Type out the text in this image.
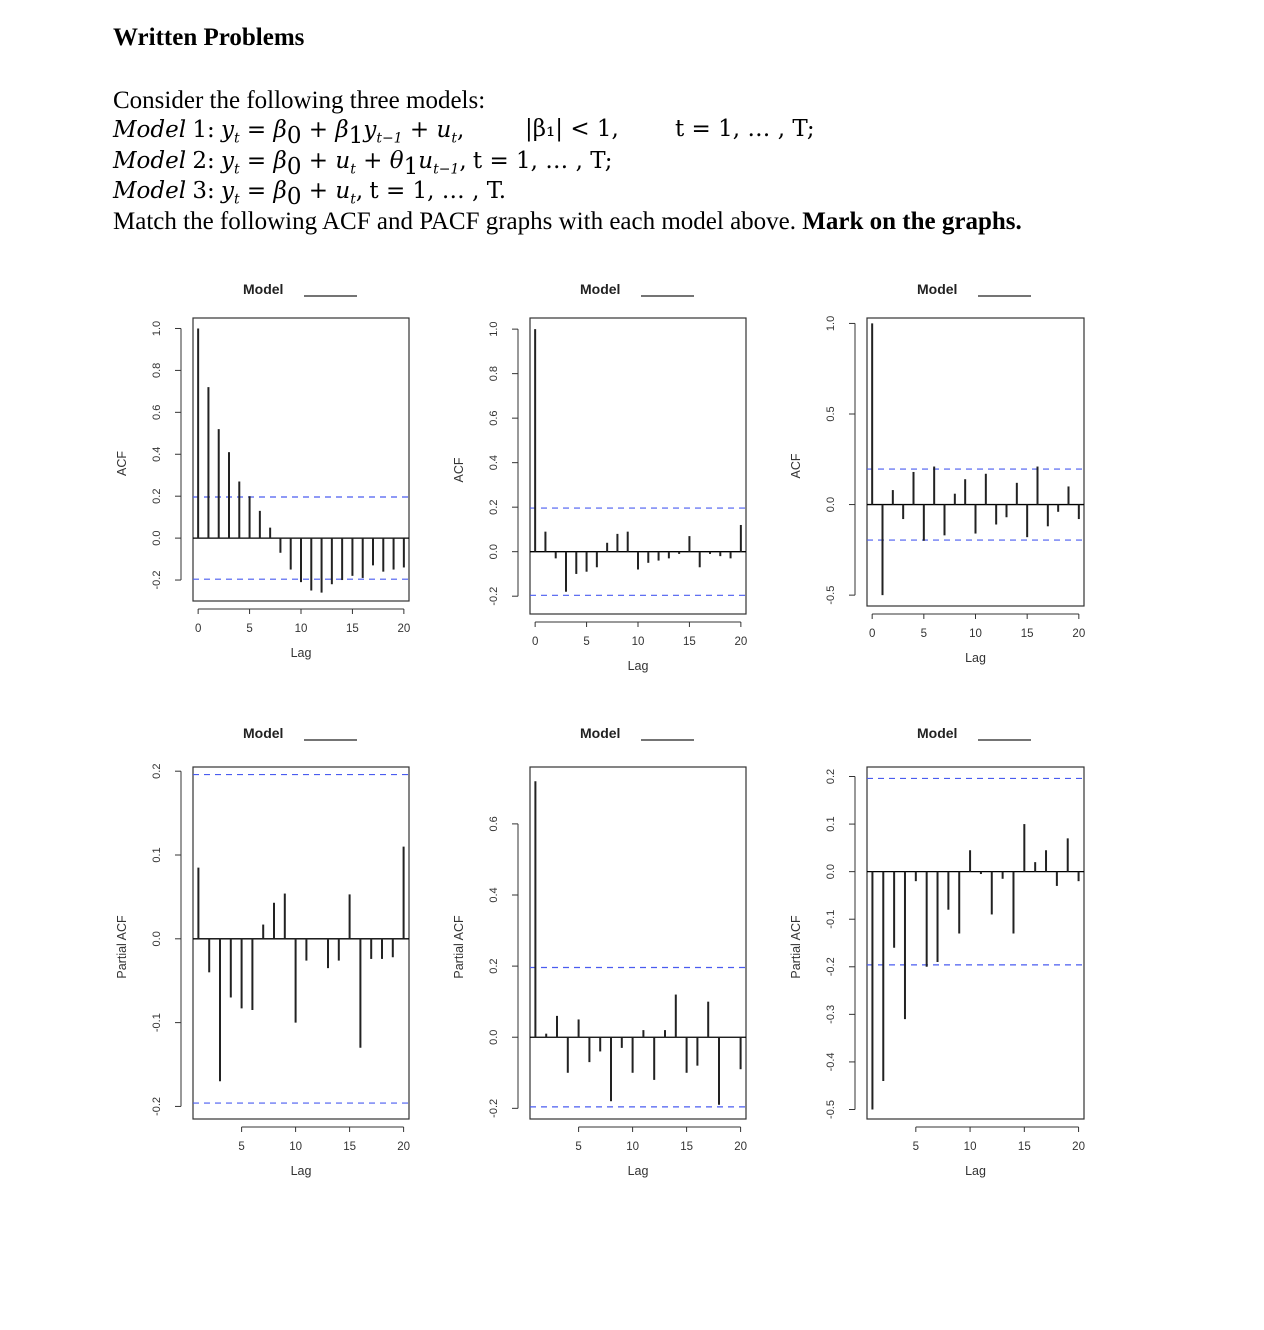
Written Problems
Consider the following three models:
Model 1: $y_t = \beta_0 + \beta_1y_{t-1} + u_t$,	|β₁| < 1, t = 1, … , T;
Model 2: $y_t = \beta_0 + u_t + \theta_1u_{t-1}$, t = 1, … , T;
Model 3: $y_t = \beta_0 + u_t$, t = 1, … , T.
Match the following ACF and PACF graphs with each model above. Mark on the graphs.
Model
-0.2
0.0
0.2
0.4
0.6
0.8
1.0
0	5	10	15	20
Lag
ACF
Model
-0.2
0.0
0.2
0.4
0.6
0.8
1.0
0	5	10	15	20
Lag
ACF
Model
-0.5
0.0
0.5
1.0
0	5	10	15	20
Lag
ACF
Model
-0.2
-0.1
0.0
0.1
0.2
5	10	15	20
Lag
Partial ACF
Model
-0.2
0.0
0.2
0.4
0.6
5	10	15	20
Lag
Partial ACF
Model
-0.5
-0.4
-0.3
-0.2
-0.1
0.0
0.1
0.2
5	10	15	20
Lag
Partial ACF
